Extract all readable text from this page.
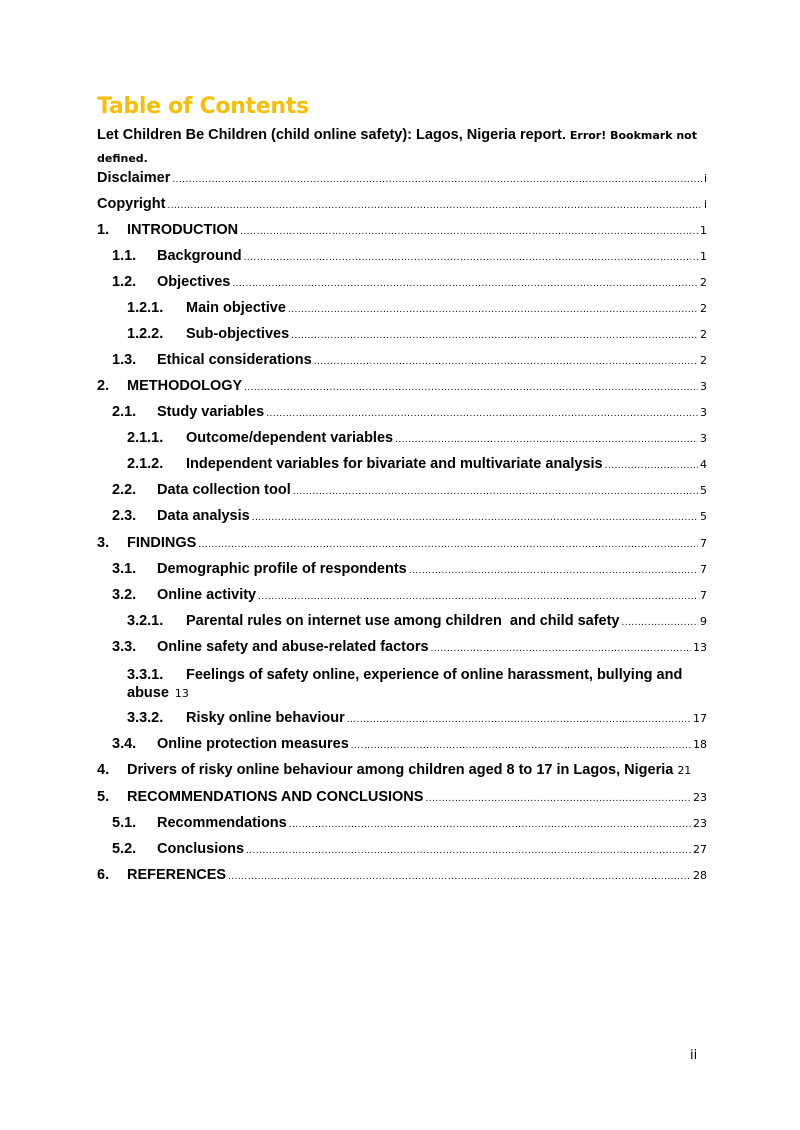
Table of Contents
Let Children Be Children (child online safety): Lagos, Nigeria report. Error! Bookmark not defined.
Disclaimer .....	i
Copyright .....	i
1.	INTRODUCTION .....	1
1.1.	Background .....	1
1.2.	Objectives .....	2
1.2.1.	Main objective .....	2
1.2.2.	Sub-objectives .....	2
1.3.	Ethical considerations .....	2
2.	METHODOLOGY .....	3
2.1.	Study variables .....	3
2.1.1.	Outcome/dependent variables .....	3
2.1.2.	Independent variables for bivariate and multivariate analysis .....	4
2.2.	Data collection tool .....	5
2.3.	Data analysis .....	5
3.	FINDINGS .....	7
3.1.	Demographic profile of respondents .....	7
3.2.	Online activity .....	7
3.2.1.	Parental rules on internet use among children  and child safety .....	9
3.3.	Online safety and abuse-related factors .....	13
3.3.1. Feelings of safety online, experience of online harassment, bullying and abuse 13
3.3.2.	Risky online behaviour .....	17
3.4.	Online protection measures .....	18
4.	Drivers of risky online behaviour among children aged 8 to 17 in Lagos, Nigeria 21
5.	RECOMMENDATIONS AND CONCLUSIONS .....	23
5.1.	Recommendations .....	23
5.2.	Conclusions .....	27
6.	REFERENCES .....	28
ii
